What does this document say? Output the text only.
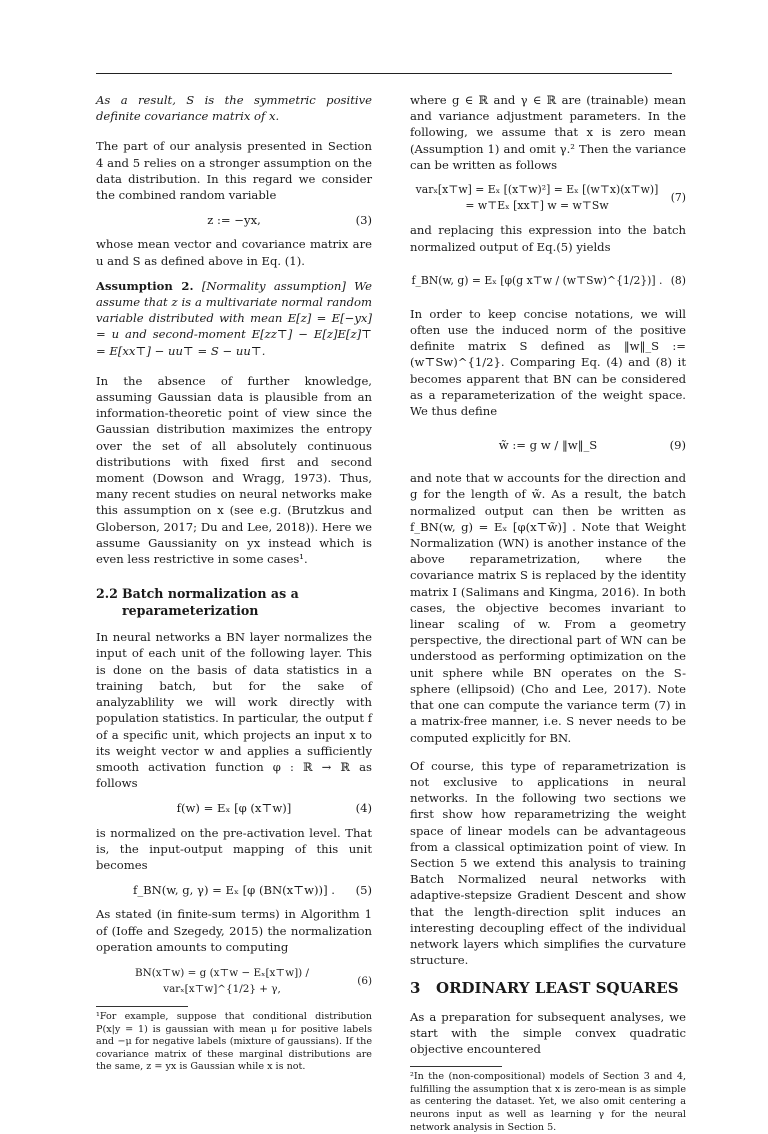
As a result, S is the symmetric positive definite covariance matrix of x.

The part of our analysis presented in Section 4 and 5 relies on a stronger assumption on the data distribution. In this regard we consider the combined random variable

z := −yx,	(3)

whose mean vector and covariance matrix are u and S as defined above in Eq. (1).

Assumption 2. [Normality assumption] We assume that z is a multivariate normal random variable distributed with mean E[z] = E[−yx] = u and second-moment E[zz⊤] − E[z]E[z]⊤ = E[xx⊤] − uu⊤ = S − uu⊤.

In the absence of further knowledge, assuming Gaussian data is plausible from an information-theoretic point of view since the Gaussian distribution maximizes the entropy over the set of all absolutely continuous distributions with fixed first and second moment (Dowson and Wragg, 1973). Thus, many recent studies on neural networks make this assumption on x (see e.g. (Brutzkus and Globerson, 2017; Du and Lee, 2018)). Here we assume Gaussianity on yx instead which is even less restrictive in some cases¹.

2.2 Batch normalization as a
reparameterization

In neural networks a BN layer normalizes the input of each unit of the following layer. This is done on the basis of data statistics in a training batch, but for the sake of analyzablility we will work directly with population statistics. In particular, the output f of a specific unit, which projects an input x to its weight vector w and applies a sufficiently smooth activation function φ : ℝ → ℝ as follows

f(w) = Eₓ [φ (x⊤w)]	(4)

is normalized on the pre-activation level. That is, the input-output mapping of this unit becomes

f_BN(w, g, γ) = Eₓ [φ (BN(x⊤w))] . (5)

As stated (in finite-sum terms) in Algorithm 1 of (Ioffe and Szegedy, 2015) the normalization operation amounts to computing

BN(x⊤w) = g (x⊤w − Eₓ[x⊤w]) / varₓ[x⊤w]^{1/2} + γ,
(6)

¹For example, suppose that conditional distribution P(x|y = 1) is gaussian with mean μ for positive labels and −μ for negative labels (mixture of gaussians). If the covariance matrix of these marginal distributions are the same, z = yx is Gaussian while x is not.

where g ∈ ℝ and γ ∈ ℝ are (trainable) mean and variance adjustment parameters. In the following, we assume that x is zero mean (Assumption 1) and omit γ.² Then the variance can be written as follows

varₓ[x⊤w] = Eₓ [(x⊤w)²] = Eₓ [(w⊤x)(x⊤w)]
= w⊤Eₓ [xx⊤] w = w⊤Sw
(7)

and replacing this expression into the batch normalized output of Eq.(5) yields

f_BN(w, g) = Eₓ [φ(g x⊤w / (w⊤Sw)^{1/2})] . (8)

In order to keep concise notations, we will often use the induced norm of the positive definite matrix S defined as ‖w‖_S := (w⊤Sw)^{1/2}. Comparing Eq. (4) and (8) it becomes apparent that BN can be considered as a reparameterization of the weight space. We thus define

w̃ := g w / ‖w‖_S	(9)

and note that w accounts for the direction and g for the length of w̃. As a result, the batch normalized output can then be written as f_BN(w, g) = Eₓ [φ(x⊤w̃)] . Note that Weight Normalization (WN) is another instance of the above reparametrization, where the covariance matrix S is replaced by the identity matrix I (Salimans and Kingma, 2016). In both cases, the objective becomes invariant to linear scaling of w. From a geometry perspective, the directional part of WN can be understood as performing optimization on the unit sphere while BN operates on the S-sphere (ellipsoid) (Cho and Lee, 2017). Note that one can compute the variance term (7) in a matrix-free manner, i.e. S never needs to be computed explicitly for BN.

Of course, this type of reparametrization is not exclusive to applications in neural networks. In the following two sections we first show how reparametrizing the weight space of linear models can be advantageous from a classical optimization point of view. In Section 5 we extend this analysis to training Batch Normalized neural networks with adaptive-stepsize Gradient Descent and show that the length-direction split induces an interesting decoupling effect of the individual network layers which simplifies the curvature structure.

3 ORDINARY LEAST SQUARES

As a preparation for subsequent analyses, we start with the simple convex quadratic objective encountered

²In the (non-compositional) models of Section 3 and 4, fulfilling the assumption that x is zero-mean is as simple as centering the dataset. Yet, we also omit centering a neurons input as well as learning γ for the neural network analysis in Section 5.
